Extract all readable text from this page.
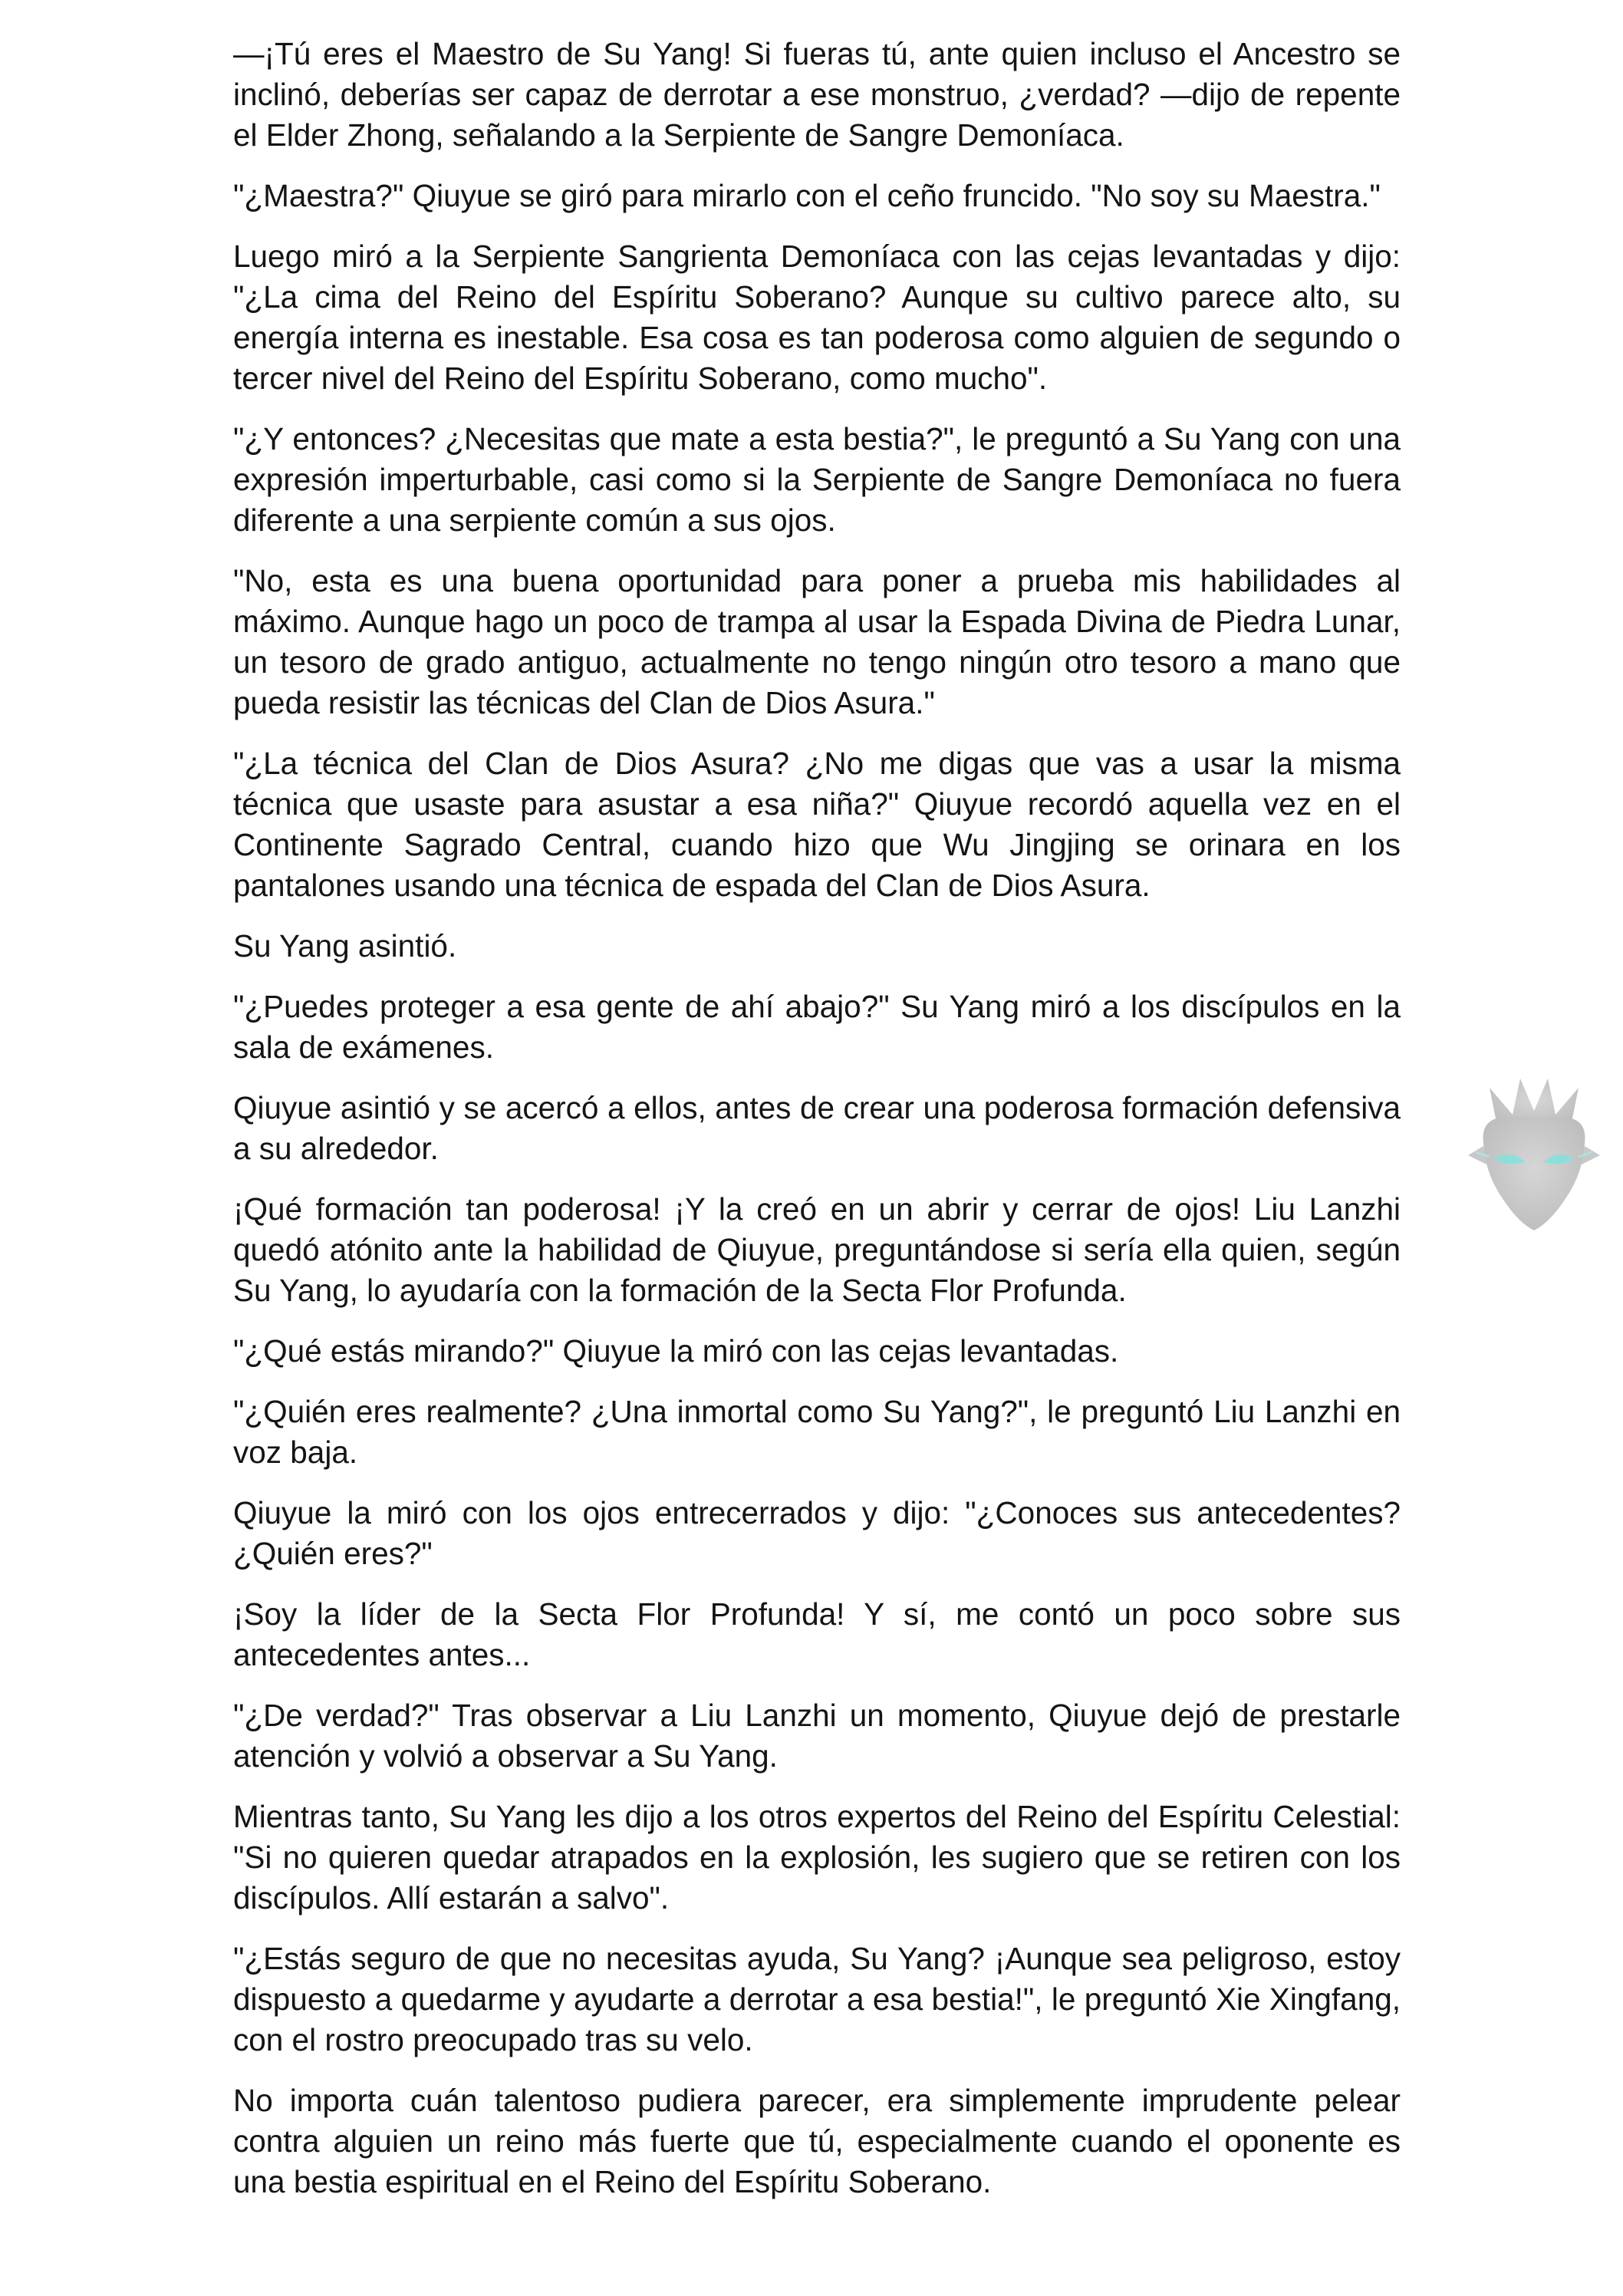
—¡Tú eres el Maestro de Su Yang! Si fueras tú, ante quien incluso el Ancestro se inclinó, deberías ser capaz de derrotar a ese monstruo, ¿verdad? —dijo de repente el Elder Zhong, señalando a la Serpiente de Sangre Demoníaca.

"¿Maestra?" Qiuyue se giró para mirarlo con el ceño fruncido. "No soy su Maestra."

Luego miró a la Serpiente Sangrienta Demoníaca con las cejas levantadas y dijo: "¿La cima del Reino del Espíritu Soberano? Aunque su cultivo parece alto, su energía interna es inestable. Esa cosa es tan poderosa como alguien de segundo o tercer nivel del Reino del Espíritu Soberano, como mucho".

"¿Y entonces? ¿Necesitas que mate a esta bestia?", le preguntó a Su Yang con una expresión imperturbable, casi como si la Serpiente de Sangre Demoníaca no fuera diferente a una serpiente común a sus ojos.

"No, esta es una buena oportunidad para poner a prueba mis habilidades al máximo. Aunque hago un poco de trampa al usar la Espada Divina de Piedra Lunar, un tesoro de grado antiguo, actualmente no tengo ningún otro tesoro a mano que pueda resistir las técnicas del Clan de Dios Asura."

"¿La técnica del Clan de Dios Asura? ¿No me digas que vas a usar la misma técnica que usaste para asustar a esa niña?" Qiuyue recordó aquella vez en el Continente Sagrado Central, cuando hizo que Wu Jingjing se orinara en los pantalones usando una técnica de espada del Clan de Dios Asura.

Su Yang asintió.

"¿Puedes proteger a esa gente de ahí abajo?" Su Yang miró a los discípulos en la sala de exámenes.

Qiuyue asintió y se acercó a ellos, antes de crear una poderosa formación defensiva a su alrededor.

¡Qué formación tan poderosa! ¡Y la creó en un abrir y cerrar de ojos! Liu Lanzhi quedó atónito ante la habilidad de Qiuyue, preguntándose si sería ella quien, según Su Yang, lo ayudaría con la formación de la Secta Flor Profunda.

"¿Qué estás mirando?" Qiuyue la miró con las cejas levantadas.

"¿Quién eres realmente? ¿Una inmortal como Su Yang?", le preguntó Liu Lanzhi en voz baja.

Qiuyue la miró con los ojos entrecerrados y dijo: "¿Conoces sus antecedentes? ¿Quién eres?"

¡Soy la líder de la Secta Flor Profunda! Y sí, me contó un poco sobre sus antecedentes antes...

"¿De verdad?" Tras observar a Liu Lanzhi un momento, Qiuyue dejó de prestarle atención y volvió a observar a Su Yang.

Mientras tanto, Su Yang les dijo a los otros expertos del Reino del Espíritu Celestial: "Si no quieren quedar atrapados en la explosión, les sugiero que se retiren con los discípulos. Allí estarán a salvo".

"¿Estás seguro de que no necesitas ayuda, Su Yang? ¡Aunque sea peligroso, estoy dispuesto a quedarme y ayudarte a derrotar a esa bestia!", le preguntó Xie Xingfang, con el rostro preocupado tras su velo.

No importa cuán talentoso pudiera parecer, era simplemente imprudente pelear contra alguien un reino más fuerte que tú, especialmente cuando el oponente es una bestia espiritual en el Reino del Espíritu Soberano.
